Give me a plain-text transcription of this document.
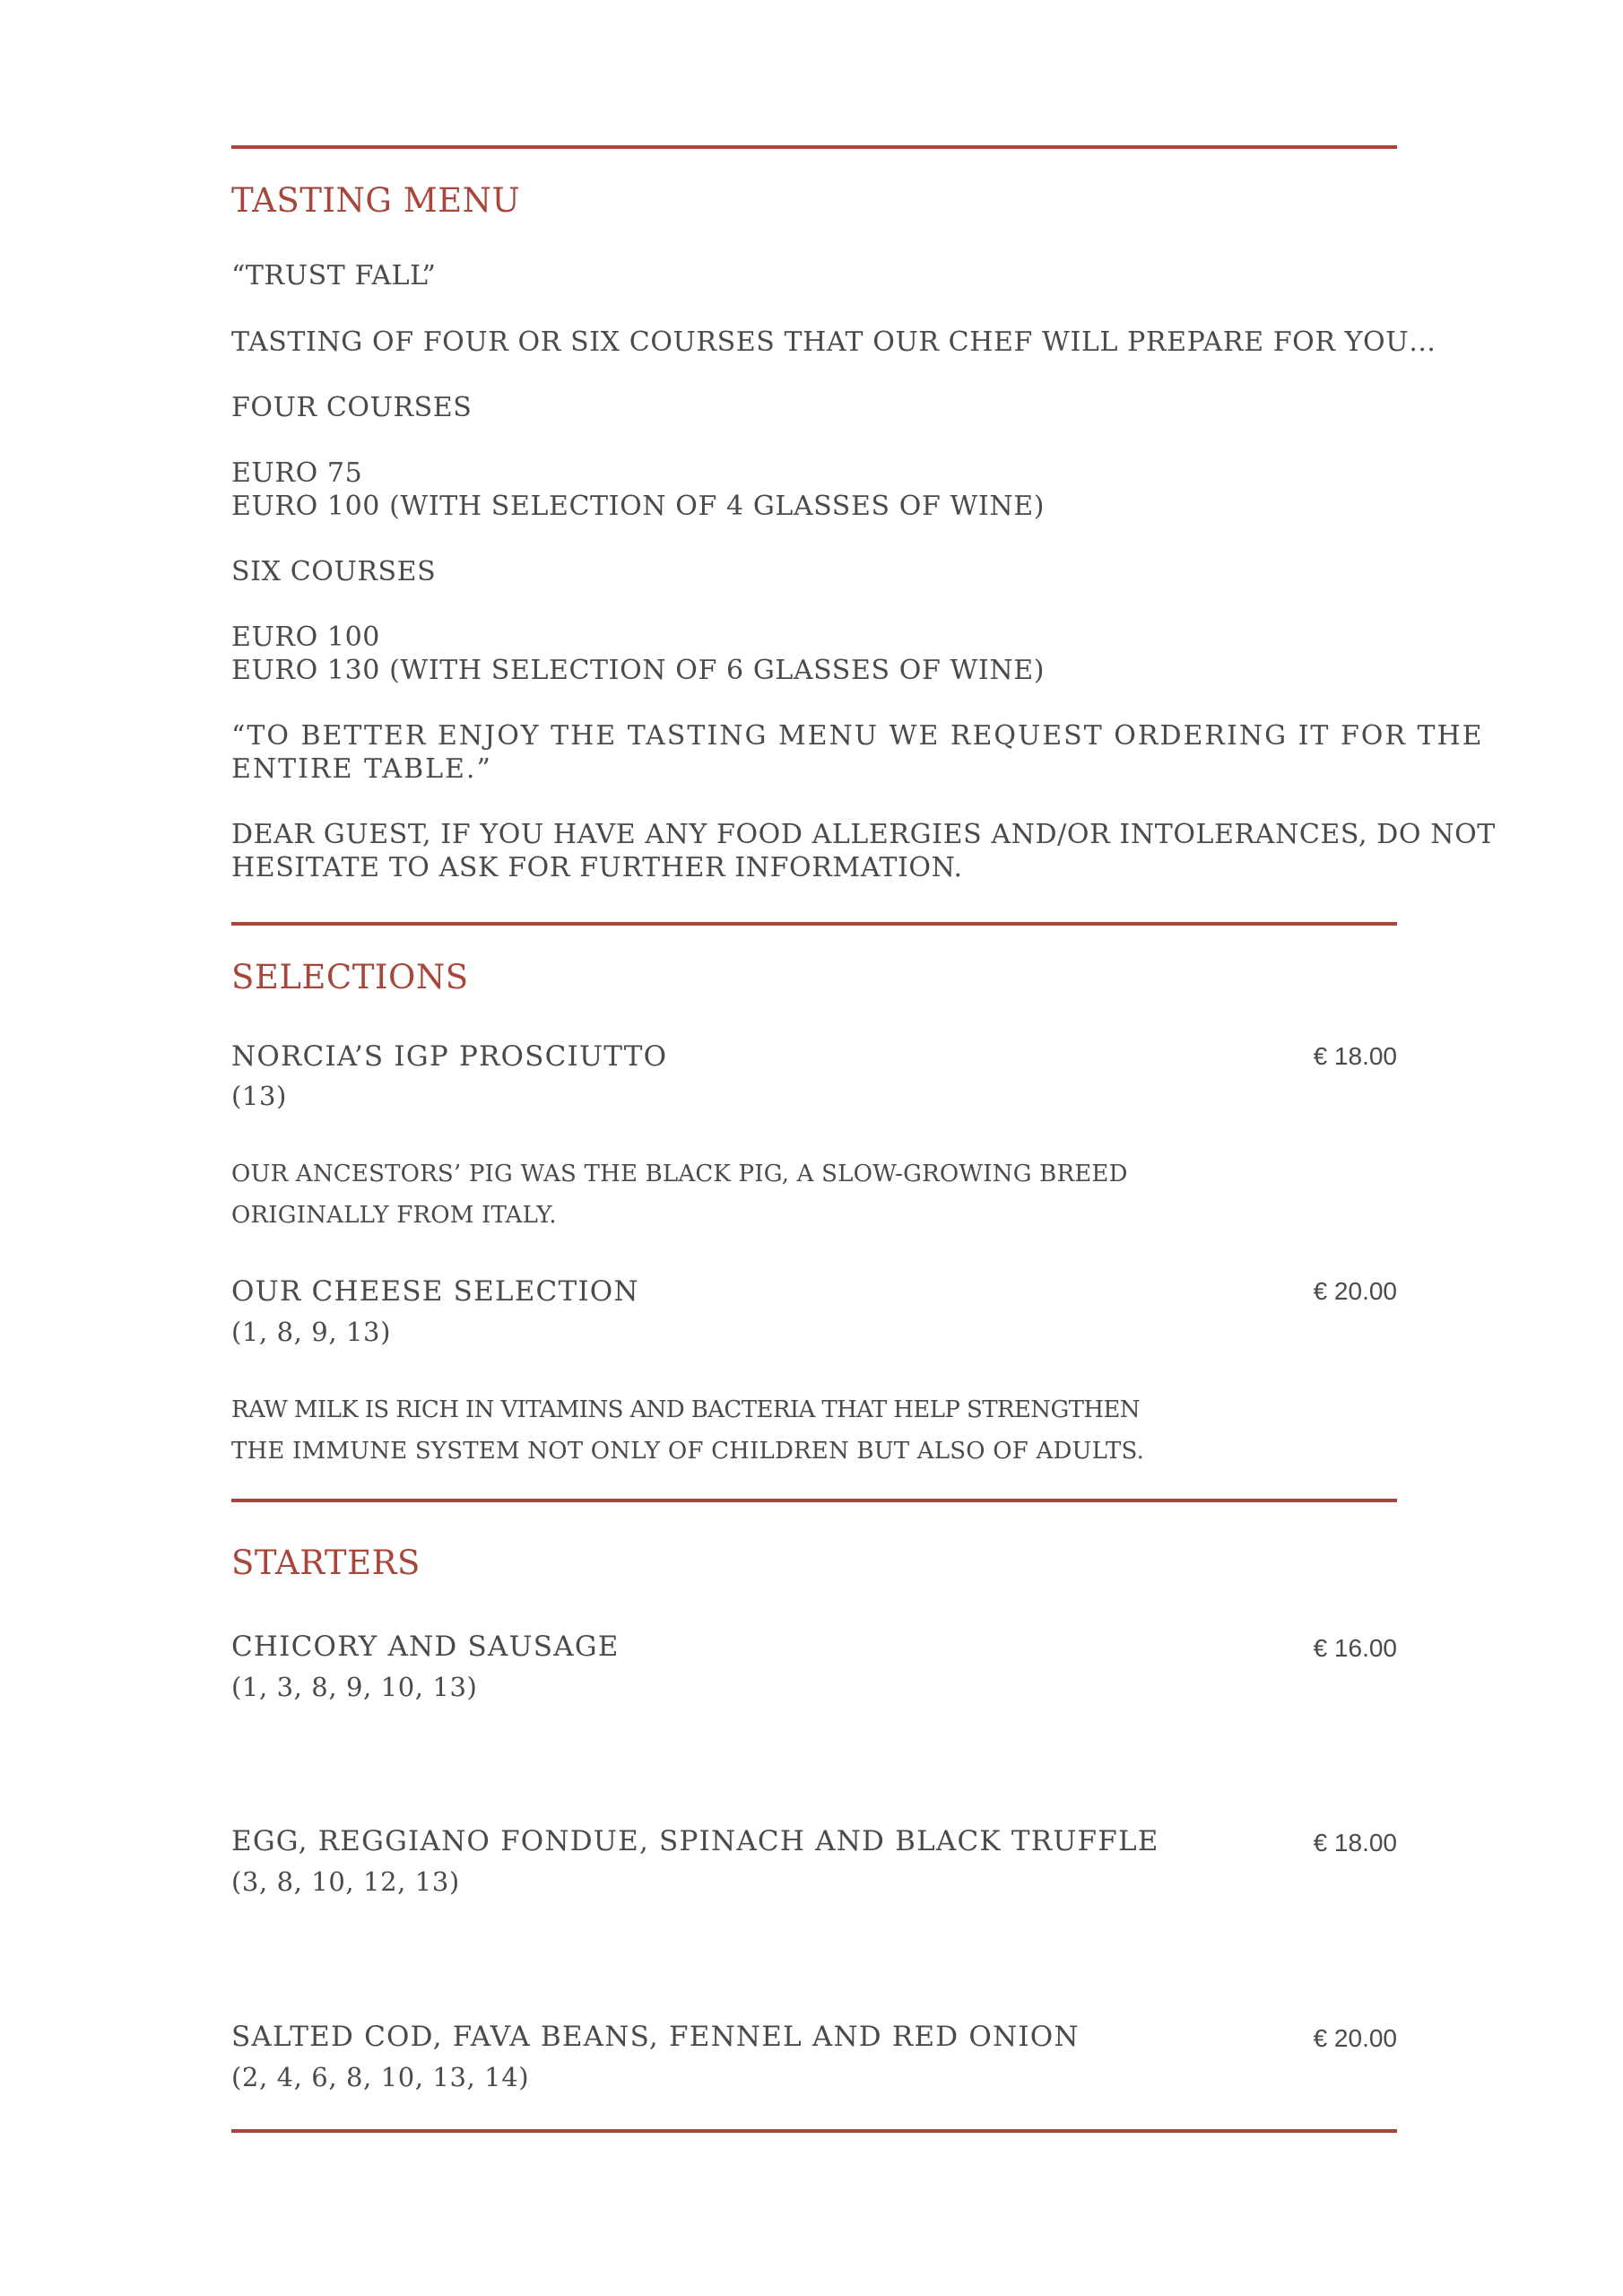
TASTING MENU
“TRUST FALL”
TASTING OF FOUR OR SIX COURSES THAT OUR CHEF WILL PREPARE FOR YOU…
FOUR COURSES
EURO 75
EURO 100 (WITH SELECTION OF 4 GLASSES OF WINE)
SIX COURSES
EURO 100
EURO 130 (WITH SELECTION OF 6 GLASSES OF WINE)
“TO BETTER ENJOY THE TASTING MENU WE REQUEST ORDERING IT FOR THE
ENTIRE TABLE.”
DEAR GUEST, IF YOU HAVE ANY FOOD ALLERGIES AND/OR INTOLERANCES, DO NOT
HESITATE TO ASK FOR FURTHER INFORMATION.
SELECTIONS
NORCIA’S IGP PROSCIUTTO	€ 18.00
(13)
OUR ANCESTORS’ PIG WAS THE BLACK PIG, A SLOW-GROWING BREED
ORIGINALLY FROM ITALY.
OUR CHEESE SELECTION	€ 20.00
(1, 8, 9, 13)
RAW MILK IS RICH IN VITAMINS AND BACTERIA THAT HELP STRENGTHEN
THE IMMUNE SYSTEM NOT ONLY OF CHILDREN BUT ALSO OF ADULTS.
STARTERS
CHICORY AND SAUSAGE	€ 16.00
(1, 3, 8, 9, 10, 13)
EGG, REGGIANO FONDUE, SPINACH AND BLACK TRUFFLE	€ 18.00
(3, 8, 10, 12, 13)
SALTED COD, FAVA BEANS, FENNEL AND RED ONION	€ 20.00
(2, 4, 6, 8, 10, 13, 14)
